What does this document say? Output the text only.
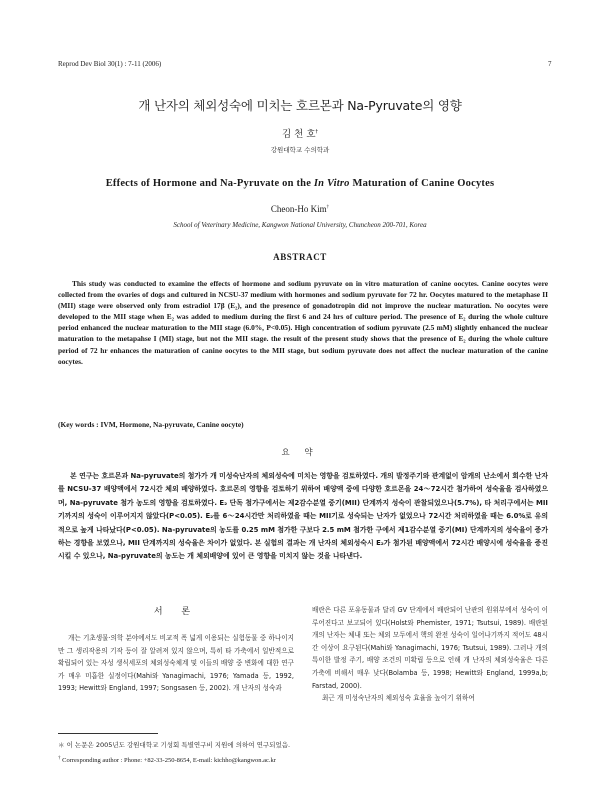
Reprod Dev Biol 30(1) : 7-11 (2006)	7
개 난자의 체외성숙에 미치는 호르몬과 Na-Pyruvate의 영향
김 천 호†
강원대학교 수의학과
Effects of Hormone and Na-Pyruvate on the In Vitro Maturation of Canine Oocytes
Cheon-Ho Kim†
School of Veterinary Medicine, Kangwon National University, Chuncheon 200-701, Korea
ABSTRACT

This study was conducted to examine the effects of hormone and sodium pyruvate on in vitro maturation of canine oocytes. Canine oocytes were collected from the ovaries of dogs and cultured in NCSU-37 medium with hormones and sodium pyruvate for 72 hr. Oocytes matured to the metaphase II (MII) stage were observed only from estradiol 17β (E₂), and the presence of gonadotropin did not improve the nuclear maturation. No oocytes were developed to the MII stage when E₂ was added to medium during the first 6 and 24 hrs of culture period. The presence of E₂ during the whole culture period enhanced the nuclear maturation to the MII stage (6.0%, P<0.05). High concentration of sodium pyruvate (2.5 mM) slightly enhanced the nuclear maturation to the metapahse I (MI) stage, but not the MII stage. the result of the present study shows that the presence of E₂ during the whole culture period of 72 hr enhances the maturation of canine oocytes to the MII stage, but sodium pyruvate does not affect the nuclear maturation of the canine oocytes.

(Key words : IVM, Hormone, Na-pyruvate, Canine oocyte)
요 약

본 연구는 호르몬과 Na-pyruvate의 첨가가 개 미성숙난자의 체외성숙에 미치는 영향을 검토하였다. 개의 발정주기와 관계없이 암캐의 난소에서 회수한 난자를 NCSU-37 배양액에서 72시간 체외 배양하였다. 호르몬의 영향을 검토하기 위하여 배양액 중에 다양한 호르몬을 24～72시간 첨가하여 성숙율을 검사하였으며, Na-pyruvate 첨가 농도의 영향을 검토하였다. E₂ 단독 첨가구에서는 제2감수분열 중기(MII) 단계까지 성숙이 관찰되었으나(5.7%), 타 처리구에서는 MII기까지의 성숙이 이루어지지 않았다(P<0.05). E₂를 6～24시간만 처리하였을 때는 MII기로 성숙되는 난자가 없었으나 72시간 처리하였을 때는 6.0%로 유의적으로 높게 나타났다(P<0.05). Na-pyruvate의 농도를 0.25 mM 첨가한 구보다 2.5 mM 첨가한 구에서 제1감수분열 중기(MⅠ) 단계까지의 성숙율이 증가하는 경향을 보였으나, MII 단계까지의 성숙율은 차이가 없었다. 본 실험의 결과는 개 난자의 체외성숙시 E₂가 첨가된 배양액에서 72시간 배양시에 성숙율을 증진시킬 수 있으나, Na-pyruvate의 농도는 개 체외배양에 있어 큰 영향을 미치지 않는 것을 나타낸다.

서 론

개는 기초생물·의학 분야에서도 비교적 폭 넓게 이용되는 실험동물 중 하나이지만 그 생리작용의 기작 등이 잘 알려져 있지 않으며, 특히 타 가축에서 일반적으로 확립되어 있는 자성 생식세포의 체외성숙체계 및 이들의 배양 중 변화에 대한 연구가 매우 미흡한 실정이다(Mahi와 Yanagimachi, 1976; Yamada 등, 1992, 1993; Hewitt와 England, 1997; Songsasen 등, 2002). 개 난자의 성숙과

배란은 다른 포유동물과 달리 GV 단계에서 배란되어 난관의 원위부에서 성숙이 이루어진다고 보고되어 있다(Holst와 Phemister, 1971; Tsutsui, 1989). 배란된 개의 난자는 체내 또는 체외 모두에서 핵의 완전 성숙이 일어나기까지 적어도 48시간 이상이 요구된다(Mahi와 Yanagimachi, 1976; Tsutsui, 1989). 그러나 개의 특이한 발정 주기, 배양 조건의 미확립 등으로 인해 개 난자의 체외성숙율은 다른 가축에 비해서 매우 낮다(Bolamba 등, 1998; Hewitt와 England, 1999a,b; Farstad, 2000).

최근 개 미성숙난자의 체외성숙 효율을 높이기 위하여

＊ 이 논문은 2005년도 강원대학교 기성회 특별연구비 지원에 의하여 연구되었음.
† Corresponding author : Phone: +82-33-250-8654, E-mail: kichho@kangwon.ac.kr
